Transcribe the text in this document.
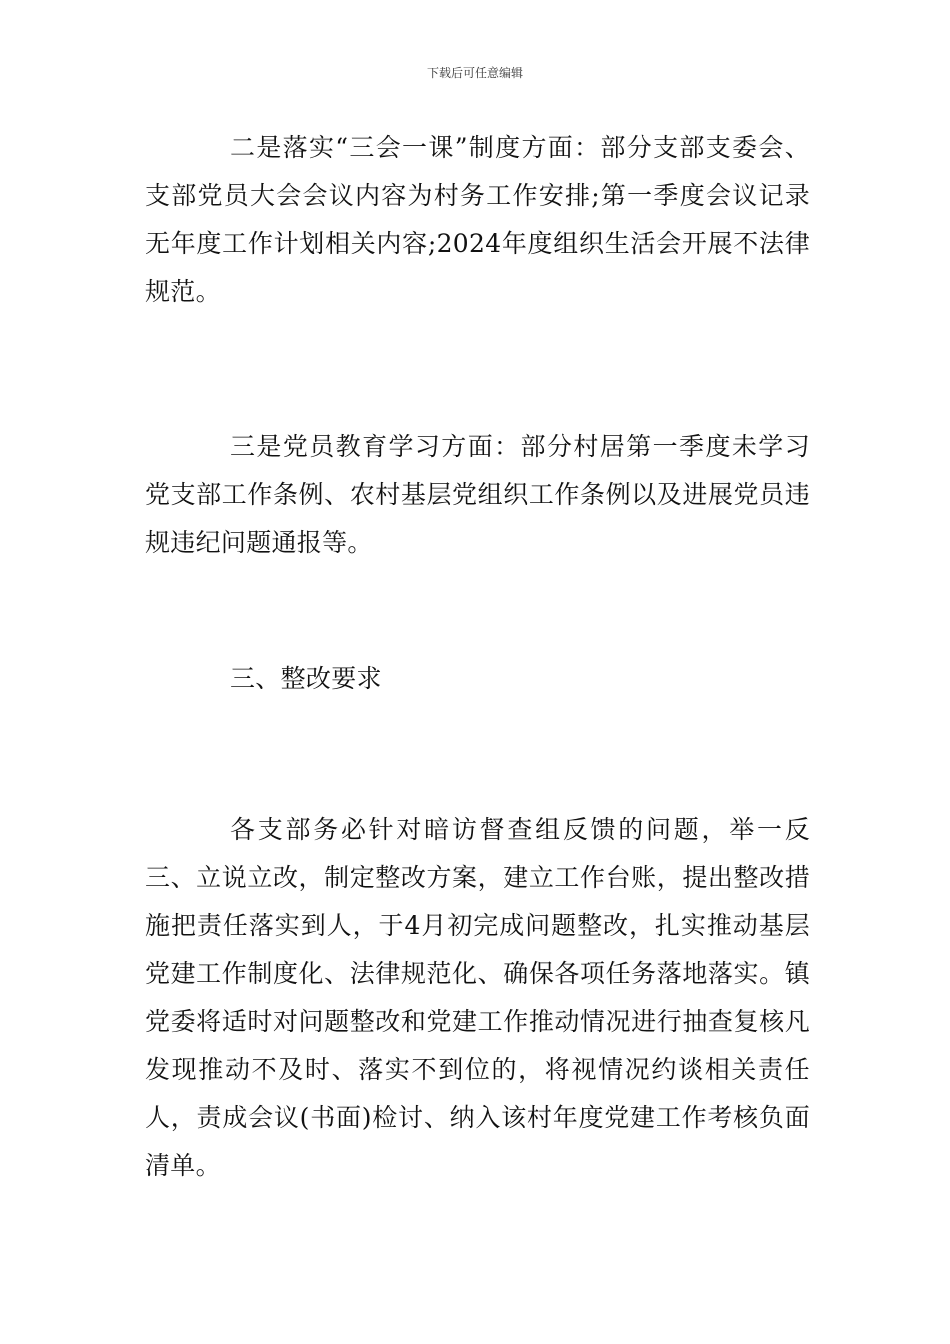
下载后可任意编辑

二是落实“三会一课”制度方面：部分支部支委会、支部党员大会会议内容为村务工作安排;第一季度会议记录无年度工作计划相关内容;2024年度组织生活会开展不法律规范。

三是党员教育学习方面：部分村居第一季度未学习党支部工作条例、农村基层党组织工作条例以及进展党员违规违纪问题通报等。

三、整改要求

各支部务必针对暗访督查组反馈的问题，举一反三、立说立改，制定整改方案，建立工作台账，提出整改措施把责任落实到人，于4月初完成问题整改，扎实推动基层党建工作制度化、法律规范化、确保各项任务落地落实。镇党委将适时对问题整改和党建工作推动情况进行抽查复核凡发现推动不及时、落实不到位的，将视情况约谈相关责任人，责成会议(书面)检讨、纳入该村年度党建工作考核负面清单。
